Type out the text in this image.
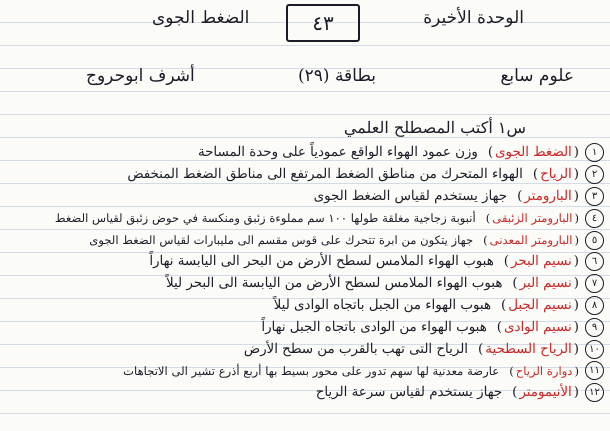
الوحدة الأخيرة
٤٣
الضغط الجوى
علوم سابع
بطاقة (٢٩)
أشرف ابوحروج
س١ أكتب المصطلح العلمي
١
(
الضغط الجوى
)
وزن عمود الهواء الواقع عمودياً على وحدة المساحة
٢
(
الرياح
)
الهواء المتحرك من مناطق الضغط المرتفع الى مناطق الضغط المنخفض
٣
(
البارومتر
)
جهاز يستخدم لقياس الضغط الجوى
٤
(
البارومتر الزئبقى
)
أنبوبة زجاجية مغلقة طولها ١٠٠ سم مملوءة زئبق ومنكسة في حوض زئبق لقياس الضغط
٥
(
البارومتر المعدنى
)
جهاز يتكون من ابرة تتحرك على قوس مقسم الى مليبارات لقياس الضغط الجوى
٦
(
نسيم البحر
)
هبوب الهواء الملامس لسطح الأرض من البحر الى اليابسة نهاراً
٧
(
نسيم البر
)
هبوب الهواء الملامس لسطح الأرض من اليابسة الى البحر ليلاً
٨
(
نسيم الجبل
)
هبوب الهواء من الجبل باتجاه الوادى ليلاً
٩
(
نسيم الوادى
)
هبوب الهواء من الوادى باتجاه الجبل نهاراً
١٠
(
الرياح السطحية
)
الرياح التى تهب بالقرب من سطح الأرض
١١
(
دوارة الرياح
)
عارضة معدنية لها سهم تدور على محور بسيط بها أربع أذرع تشير الى الاتجاهات
١٢
(
الأنيمومتر
)
جهاز يستخدم لقياس سرعة الرياح
